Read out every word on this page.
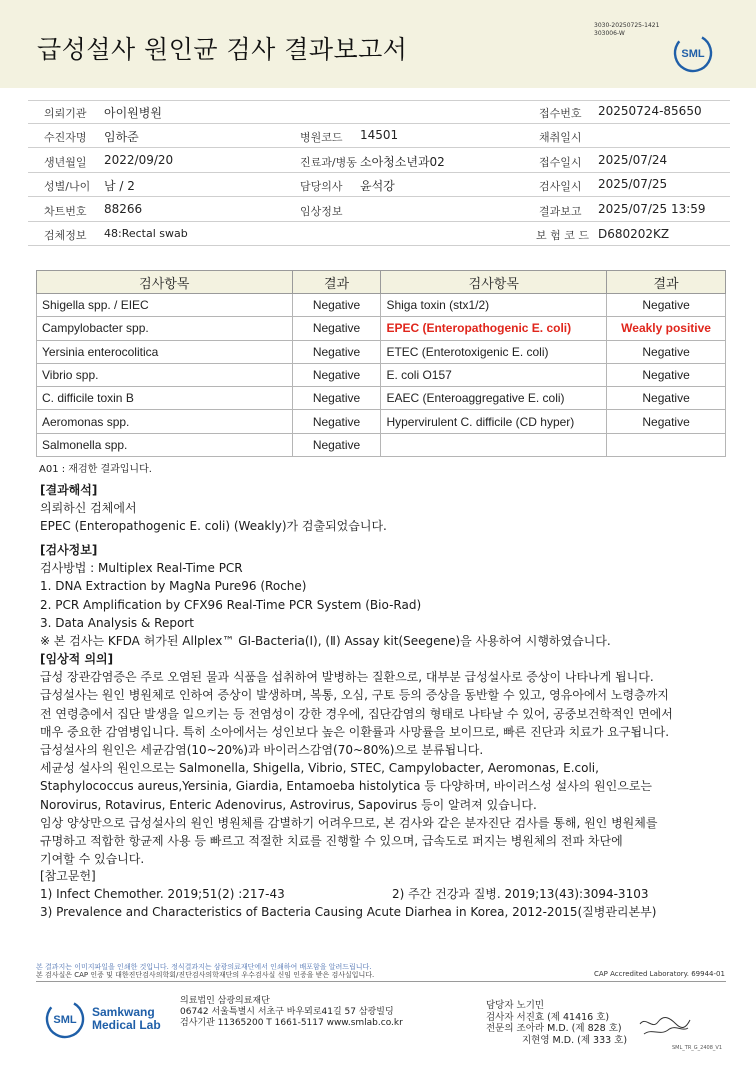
급성설사 원인균 검사 결과보고서
3030-20250725-1421
303006-W
SML
의뢰기관 아이원병원	접수번호 20250724-85650
수진자명 임하준	병원코드 14501	채취일시
생년월일 2022/09/20	진료과/병동 소아청소년과02	접수일시 2025/07/24
성별/나이 남 / 2	담당의사 윤석강	검사일시 2025/07/25
차트번호 88266	임상정보	결과보고 2025/07/25 13:59
검체정보 48:Rectal swab	보 험 코 드 D680202KZ
검사항목	결과	검사항목	결과
Shigella spp. / EIEC	Negative	Shiga toxin (stx1/2)	Negative
Campylobacter spp.	Negative	EPEC (Enteropathogenic E. coli)	Weakly positive
Yersinia enterocolitica	Negative	ETEC (Enterotoxigenic E. coli)	Negative
Vibrio spp.	Negative	E. coli O157	Negative
C. difficile toxin B	Negative	EAEC (Enteroaggregative E. coli)	Negative
Aeromonas spp.	Negative	Hypervirulent C. difficile (CD hyper)	Negative
Salmonella spp.	Negative		
A01 : 재검한 결과입니다.
[결과해석]
의뢰하신 검체에서
EPEC (Enteropathogenic E. coli) (Weakly)가 검출되었습니다.
[검사정보]
검사방법 : Multiplex Real-Time PCR
1. DNA Extraction by MagNa Pure96 (Roche)
2. PCR Amplification by CFX96 Real-Time PCR System (Bio-Rad)
3. Data Analysis & Report
※ 본 검사는 KFDA 허가된 Allplex™ GI-Bacteria(Ⅰ), (Ⅱ) Assay kit(Seegene)을 사용하여 시행하였습니다.
[임상적 의의]
급성 장관감염증은 주로 오염된 물과 식품을 섭취하여 발병하는 질환으로, 대부분 급성설사로 증상이 나타나게 됩니다.
급성설사는 원인 병원체로 인하여 증상이 발생하며, 복통, 오심, 구토 등의 증상을 동반할 수 있고, 영유아에서 노령층까지
전 연령층에서 집단 발생을 일으키는 등 전염성이 강한 경우에, 집단감염의 형태로 나타날 수 있어, 공중보건학적인 면에서
매우 중요한 감염병입니다. 특히 소아에서는 성인보다 높은 이환률과 사망률을 보이므로, 빠른 진단과 치료가 요구됩니다.
급성설사의 원인은 세균감염(10~20%)과 바이러스감염(70~80%)으로 분류됩니다.
세균성 설사의 원인으로는 Salmonella, Shigella, Vibrio, STEC, Campylobacter, Aeromonas, E.coli,
Staphylococcus aureus,Yersinia, Giardia, Entamoeba histolytica 등 다양하며, 바이러스성 설사의 원인으로는
Norovirus, Rotavirus, Enteric Adenovirus, Astrovirus, Sapovirus 등이 알려져 있습니다.
임상 양상만으로 급성설사의 원인 병원체를 감별하기 어려우므로, 본 검사와 같은 분자진단 검사를 통해, 원인 병원체를
규명하고 적합한 항균제 사용 등 빠르고 적절한 치료를 진행할 수 있으며, 급속도로 퍼지는 병원체의 전파 차단에
기여할 수 있습니다.
[참고문헌]
1) Infect Chemother. 2019;51(2) :217-43	2) 주간 건강과 질병. 2019;13(43):3094-3103
3) Prevalence and Characteristics of Bacteria Causing Acute Diarhea in Korea, 2012-2015(질병관리본부)
본 결과지는 이미지파일을 인쇄한 것입니다. 정식결과지는 삼광의료재단에서 인쇄하여 배포함을 알려드립니다.
본 검사실은 CAP 인증 및 대한진단검사의학회/진단검사의학재단의 우수검사실 신임 인증을 받은 검사실입니다.	CAP Accredited Laboratory. 69944-01
SML
Samkwang
Medical Lab
의료법인 삼광의료재단
06742 서울특별시 서초구 바우뫼로41길 57 삼광빌딩
검사기관 11365200 T 1661-5117 www.smlab.co.kr
담당자 노기민
검사자 서진효 (제 41416 호)
전문의 조아라 M.D. (제 828 호)
지현영 M.D. (제 333 호)
SML_TR_G_2408_V1
